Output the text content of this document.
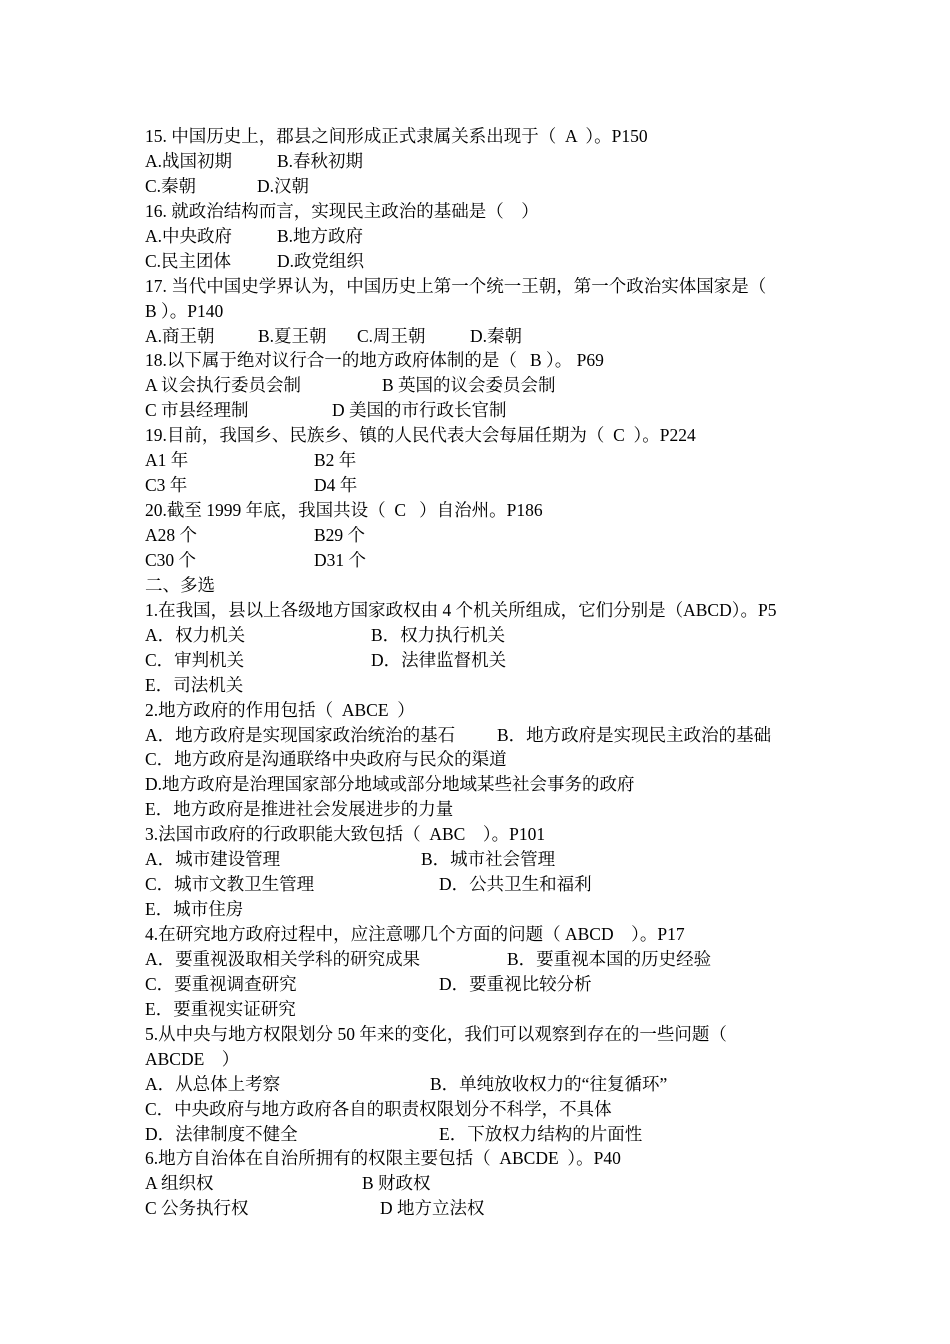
15. 中国历史上，郡县之间形成正式隶属关系出现于（  A  ）。P150
A.战国初期	B.春秋初期
C.秦朝	D.汉朝
16. 就政治结构而言，实现民主政治的基础是（    ）
A.中央政府	B.地方政府
C.民主团体	D.政党组织
17. 当代中国史学界认为，中国历史上第一个统一王朝，第一个政治实体国家是（
B ）。P140
A.商王朝 B.夏王朝 C.周王朝	D.秦朝
18.以下属于绝对议行合一的地方政府体制的是（   B ）。 P69
A 议会执行委员会制	B 英国的议会委员会制
C 市县经理制	D 美国的市行政长官制
19.目前，我国乡、民族乡、镇的人民代表大会每届任期为（  C  ）。P224
A1 年	B2 年
C3 年	D4 年
20.截至 1999 年底，我国共设（  C   ）自治州。P186
A28 个	B29 个
C30 个	D31 个
二、多选
1.在我国，县以上各级地方国家政权由 4 个机关所组成，它们分别是（ABCD）。P5
A．权力机关	B．权力执行机关
C．审判机关	D．法律监督机关
E．司法机关
2.地方政府的作用包括（  ABCE  ）
A．地方政府是实现国家政治统治的基石 B．地方政府是实现民主政治的基础
C．地方政府是沟通联络中央政府与民众的渠道
D.地方政府是治理国家部分地域或部分地域某些社会事务的政府
E．地方政府是推进社会发展进步的力量
3.法国市政府的行政职能大致包括（  ABC    ）。P101
A．城市建设管理	B．城市社会管理
C．城市文教卫生管理	D．公共卫生和福利
E．城市住房
4.在研究地方政府过程中，应注意哪几个方面的问题（ ABCD    ）。P17
A．要重视汲取相关学科的研究成果	B．要重视本国的历史经验
C．要重视调查研究	D．要重视比较分析
E．要重视实证研究
5.从中央与地方权限划分 50 年来的变化，我们可以观察到存在的一些问题（
ABCDE    ）
A．从总体上考察	B．单纯放收权力的“往复循环”
C．中央政府与地方政府各自的职责权限划分不科学，不具体
D．法律制度不健全	E．下放权力结构的片面性
6.地方自治体在自治所拥有的权限主要包括（  ABCDE  ）。P40
A 组织权	B 财政权
C 公务执行权	D 地方立法权
